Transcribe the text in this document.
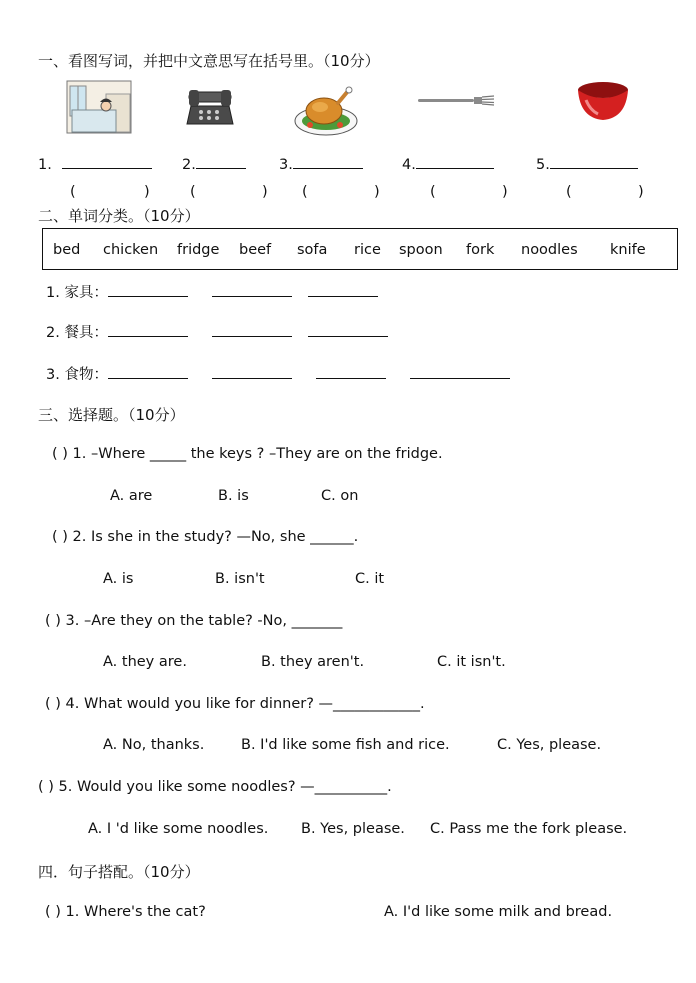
一、看图写词，并把中文意思写在括号里。（10分）
1.	2.	3.	4.	5.
(	)	(	) (	)	(	)	(	)
二、单词分类。（10分）
bed chicken fridge beef sofa rice spoon fork noodles knife
1. 家具：
2. 餐具：
3. 食物：
三、选择题。（10分）
( ) 1. –Where _____ the keys ? –They are on the fridge.
A. are	B. is	C. on
( ) 2. Is she in the study? —No, she ______.
A. is	B. isn't	C. it
( ) 3. –Are they on the table? -No, _______
A. they are.	B. they aren't.	C. it isn't.
( ) 4. What would you like for dinner? —____________.
A. No, thanks.	B. I'd like some fish and rice.	C. Yes, please.
( ) 5. Would you like some noodles? —__________.
A. I 'd like some noodles. B. Yes, please. C. Pass me the fork please.
四．句子搭配。（10分）
( ) 1. Where's the cat?	A. I'd like some milk and bread.
